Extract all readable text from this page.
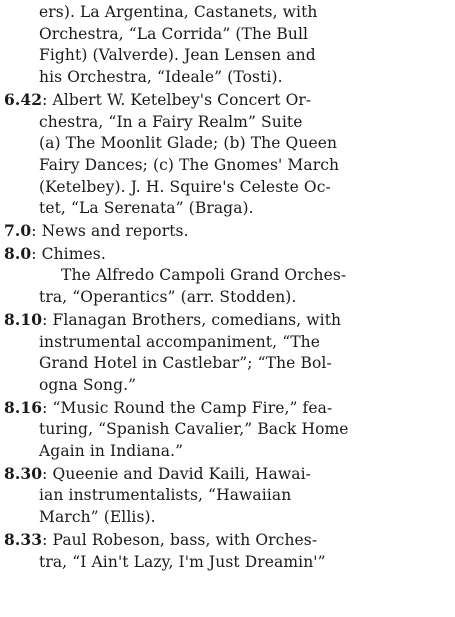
ers). La Argentina, Castanets, with
Orchestra, “La Corrida” (The Bull
Fight) (Valverde). Jean Lensen and
his Orchestra, “Ideale” (Tosti).
6.42: Albert W. Ketelbey's Concert Or-
chestra, “In a Fairy Realm” Suite
(a) The Moonlit Glade; (b) The Queen
Fairy Dances; (c) The Gnomes' March
(Ketelbey). J. H. Squire's Celeste Oc-
tet, “La Serenata” (Braga).
7.0: News and reports.
8.0: Chimes.
The Alfredo Campoli Grand Orches-
tra, “Operantics” (arr. Stodden).
8.10: Flanagan Brothers, comedians, with
instrumental accompaniment, “The
Grand Hotel in Castlebar”; “The Bol-
ogna Song.”
8.16: “Music Round the Camp Fire,” fea-
turing, “Spanish Cavalier,” Back Home
Again in Indiana.”
8.30: Queenie and David Kaili, Hawai-
ian instrumentalists, “Hawaiian
March” (Ellis).
8.33: Paul Robeson, bass, with Orches-
tra, “I Ain't Lazy, I'm Just Dreamin'”
